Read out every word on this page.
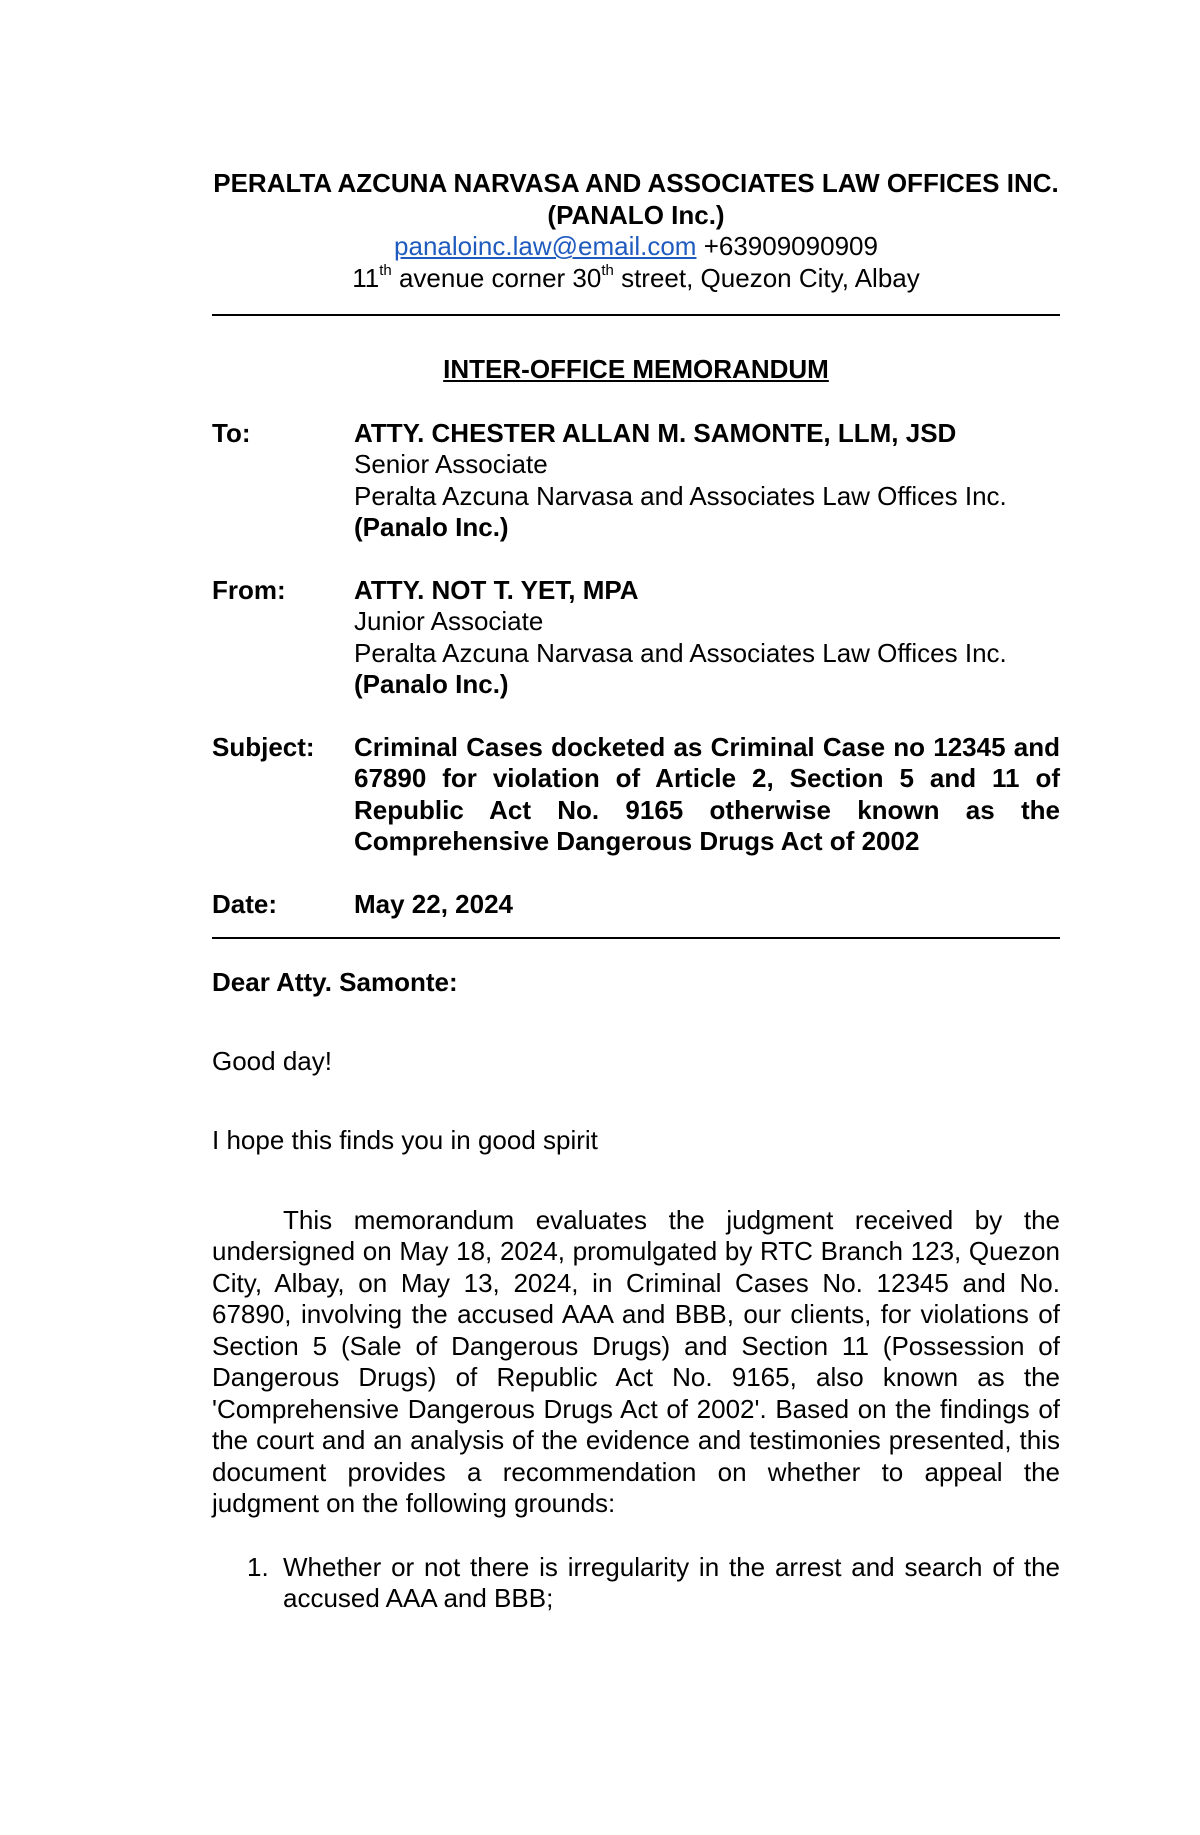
PERALTA AZCUNA NARVASA AND ASSOCIATES LAW OFFICES INC. (PANALO Inc.)

panaloinc.law@email.com +63909090909

11th avenue corner 30th street, Quezon City, Albay

INTER-OFFICE MEMORANDUM

To:	ATTY. CHESTER ALLAN M. SAMONTE, LLM, JSD
Senior Associate
Peralta Azcuna Narvasa and Associates Law Offices Inc.
(Panalo Inc.)
From:	ATTY. NOT T. YET, MPA
Junior Associate
Peralta Azcuna Narvasa and Associates Law Offices Inc.
(Panalo Inc.)
Subject:	Criminal Cases docketed as Criminal Case no 12345 and 67890 for violation of Article 2, Section 5 and 11 of Republic Act No. 9165 otherwise known as the Comprehensive Dangerous Drugs Act of 2002
Date:	May 22, 2024

Dear Atty. Samonte:

Good day!

I hope this finds you in good spirit

This memorandum evaluates the judgment received by the undersigned on May 18, 2024, promulgated by RTC Branch 123, Quezon City, Albay, on May 13, 2024, in Criminal Cases No. 12345 and No. 67890, involving the accused AAA and BBB, our clients, for violations of Section 5 (Sale of Dangerous Drugs) and Section 11 (Possession of Dangerous Drugs) of Republic Act No. 9165, also known as the 'Comprehensive Dangerous Drugs Act of 2002'. Based on the findings of the court and an analysis of the evidence and testimonies presented, this document provides a recommendation on whether to appeal the judgment on the following grounds:

1. Whether or not there is irregularity in the arrest and search of the accused AAA and BBB;
